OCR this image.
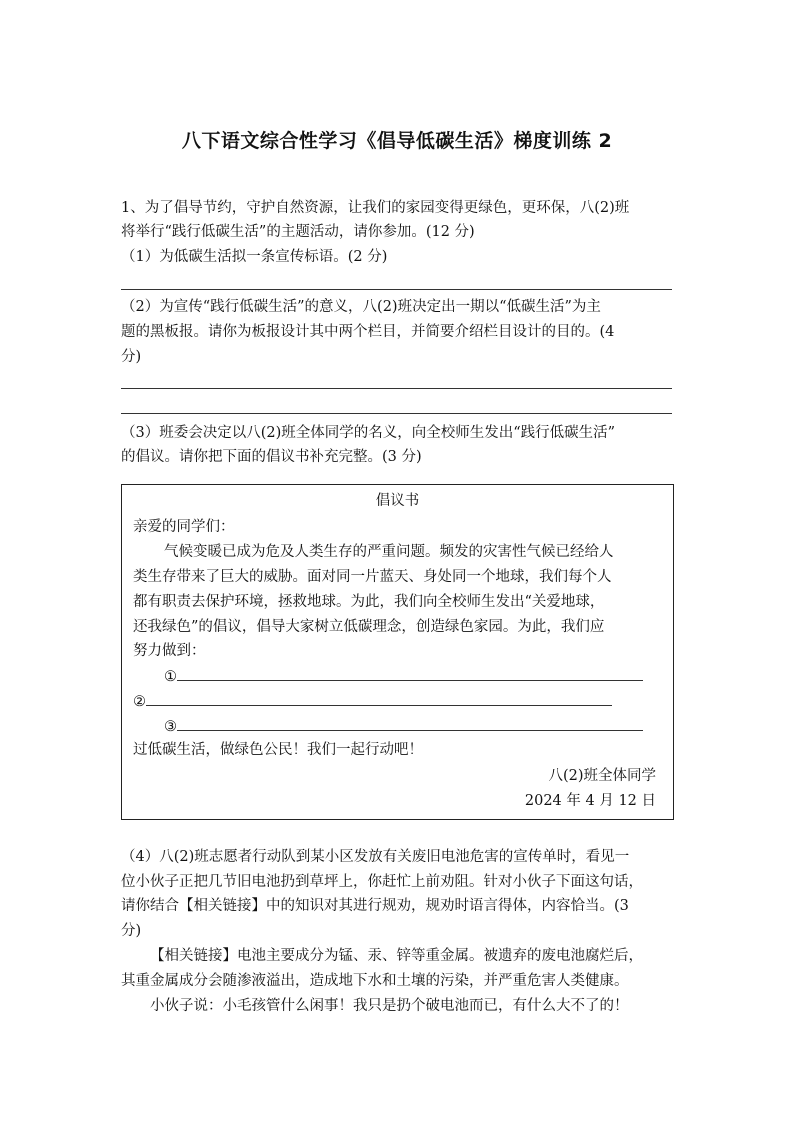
八下语文综合性学习《倡导低碳生活》梯度训练 2
1、为了倡导节约，守护自然资源，让我们的家园变得更绿色，更环保，八(2)班
将举行“践行低碳生活”的主题活动，请你参加。(12 分)
（1）为低碳生活拟一条宣传标语。(2 分)
（2）为宣传“践行低碳生活”的意义，八(2)班决定出一期以“低碳生活”为主
题的黑板报。请你为板报设计其中两个栏目，并简要介绍栏目设计的目的。(4
分)
（3）班委会决定以八(2)班全体同学的名义，向全校师生发出“践行低碳生活”
的倡议。请你把下面的倡议书补充完整。(3 分)
倡议书
亲爱的同学们：
气候变暖已成为危及人类生存的严重问题。频发的灾害性气候已经给人
类生存带来了巨大的威胁。面对同一片蓝天、身处同一个地球，我们每个人
都有职责去保护环境，拯救地球。为此，我们向全校师生发出“关爱地球，
还我绿色”的倡议，倡导大家树立低碳理念，创造绿色家园。为此，我们应
努力做到：
①
②
③
过低碳生活，做绿色公民！我们一起行动吧！
八(2)班全体同学
2024 年 4 月 12 日
（4）八(2)班志愿者行动队到某小区发放有关废旧电池危害的宣传单时，看见一
位小伙子正把几节旧电池扔到草坪上，你赶忙上前劝阻。针对小伙子下面这句话，
请你结合【相关链接】中的知识对其进行规劝，规劝时语言得体，内容恰当。(3
分)
【相关链接】电池主要成分为锰、汞、锌等重金属。被遗弃的废电池腐烂后，
其重金属成分会随渗液溢出，造成地下水和土壤的污染，并严重危害人类健康。
小伙子说：小毛孩管什么闲事！我只是扔个破电池而已，有什么大不了的！
